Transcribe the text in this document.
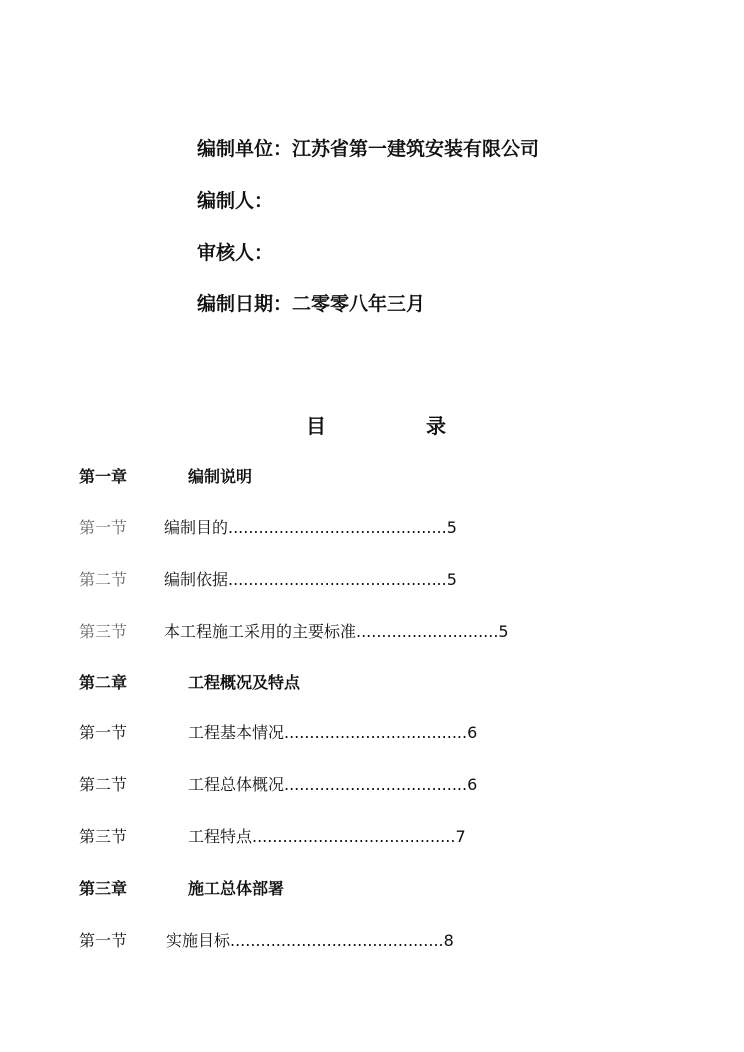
编制单位：江苏省第一建筑安装有限公司
编制人：
审核人：
编制日期：二零零八年三月
目	录
第一章	编制说明
第一节 编制目的...........................................5
第二节 编制依据...........................................5
第三节 本工程施工采用的主要标准............................5
第二章	工程概况及特点
第一节	工程基本情况....................................6
第二节	工程总体概况....................................6
第三节	工程特点........................................7
第三章	施工总体部署
第一节 实施目标..........................................8
